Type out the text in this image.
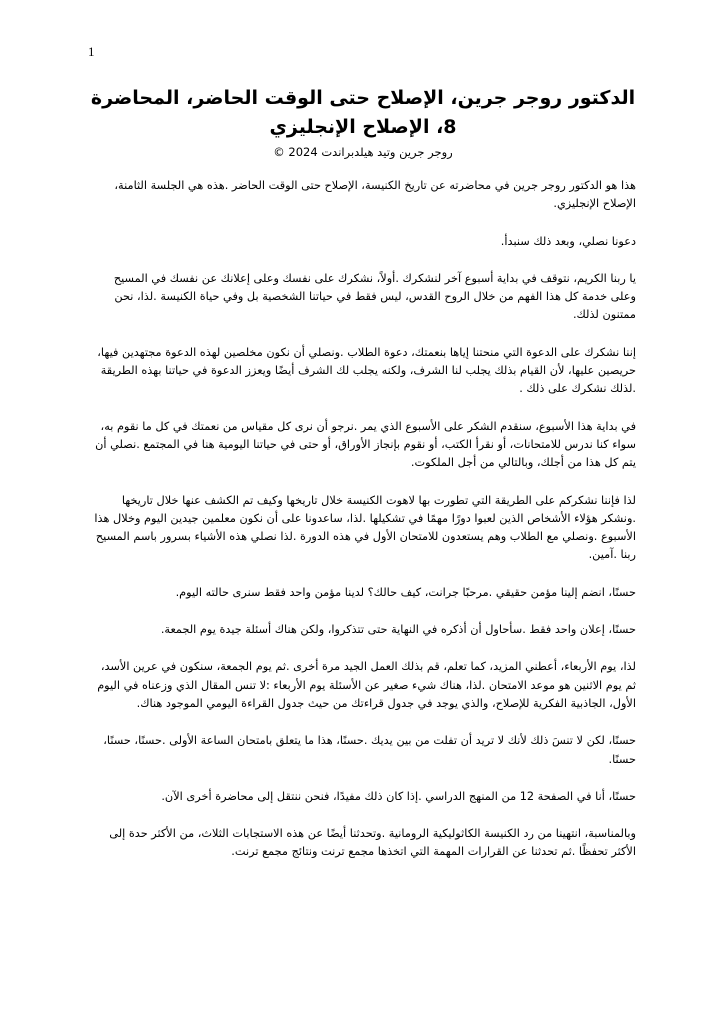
1
الدكتور روجر جرين، الإصلاح حتى الوقت الحاضر، المحاضرة 8، الإصلاح الإنجليزي

روجر جرين وتيد هيلدبراندت 2024 ©

هذا هو الدكتور روجر جرين في محاضرته عن تاريخ الكنيسة، الإصلاح حتى الوقت الحاضر .هذه هي الجلسة الثامنة، الإصلاح الإنجليزي.

دعونا نصلي، وبعد ذلك سنبدأ.

يا ربنا الكريم، نتوقف في بداية أسبوع آخر لنشكرك .أولاً، نشكرك على نفسك وعلى إعلانك عن نفسك في المسيح وعلى خدمة كل هذا الفهم من خلال الروح القدس، ليس فقط في حياتنا الشخصية بل وفي حياة الكنيسة .لذا، نحن ممتنون لذلك.

إننا نشكرك على الدعوة التي منحتنا إياها بنعمتك، دعوة الطلاب .ونصلي أن نكون مخلصين لهذه الدعوة مجتهدين فيها، حريصين عليها، لأن القيام بذلك يجلب لنا الشرف، ولكنه يجلب لك الشرف أيضًا ويعزز الدعوة في حياتنا بهذه الطريقة .لذلك نشكرك على ذلك .

في بداية هذا الأسبوع، سنقدم الشكر على الأسبوع الذي يمر .نرجو أن نرى كل مقياس من نعمتك في كل ما نقوم به، سواء كنا ندرس للامتحانات، أو نقرأ الكتب، أو نقوم بإنجاز الأوراق، أو حتى في حياتنا اليومية هنا في المجتمع .نصلي أن يتم كل هذا من أجلك، وبالتالي من أجل الملكوت.

لذا فإننا نشكركم على الطريقة التي تطورت بها لاهوت الكنيسة خلال تاريخها وكيف تم الكشف عنها خلال تاريخها .ونشكر هؤلاء الأشخاص الذين لعبوا دورًا مهمًا في تشكيلها .لذا، ساعدونا على أن نكون معلمين جيدين اليوم وخلال هذا الأسبوع .ونصلي مع الطلاب وهم يستعدون للامتحان الأول في هذه الدورة .لذا نصلي هذه الأشياء بسرور باسم المسيح ربنا .آمين.

حسنًا، انضم إلينا مؤمن حقيقي .مرحبًا جرانت، كيف حالك؟ لدينا مؤمن واحد فقط سنرى حالته اليوم.

حسنًا، إعلان واحد فقط .سأحاول أن أذكره في النهاية حتى تتذكروا، ولكن هناك أسئلة جيدة يوم الجمعة.

لذا، يوم الأربعاء، أعطني المزيد، كما تعلم، قم بذلك العمل الجيد مرة أخرى .ثم يوم الجمعة، سنكون في عرين الأسد، ثم يوم الاثنين هو موعد الامتحان .لذا، هناك شيء صغير عن الأسئلة يوم الأربعاء :لا تنس المقال الذي وزعناه في اليوم الأول، الجاذبية الفكرية للإصلاح، والذي يوجد في جدول قراءتك من حيث جدول القراءة اليومي الموجود هناك.

حسنًا، لكن لا تنسَ ذلك لأنك لا تريد أن تفلت من بين يديك .حسنًا، هذا ما يتعلق بامتحان الساعة الأولى .حسنًا، حسنًا، حسنًا.

حسنًا، أنا في الصفحة 12 من المنهج الدراسي .إذا كان ذلك مفيدًا، فنحن ننتقل إلى محاضرة أخرى الآن.

وبالمناسبة، انتهينا من رد الكنيسة الكاثوليكية الرومانية .وتحدثنا أيضًا عن هذه الاستجابات الثلاث، من الأكثر حدة إلى الأكثر تحفظًا .ثم تحدثنا عن القرارات المهمة التي اتخذها مجمع ترنت ونتائج مجمع ترنت.
